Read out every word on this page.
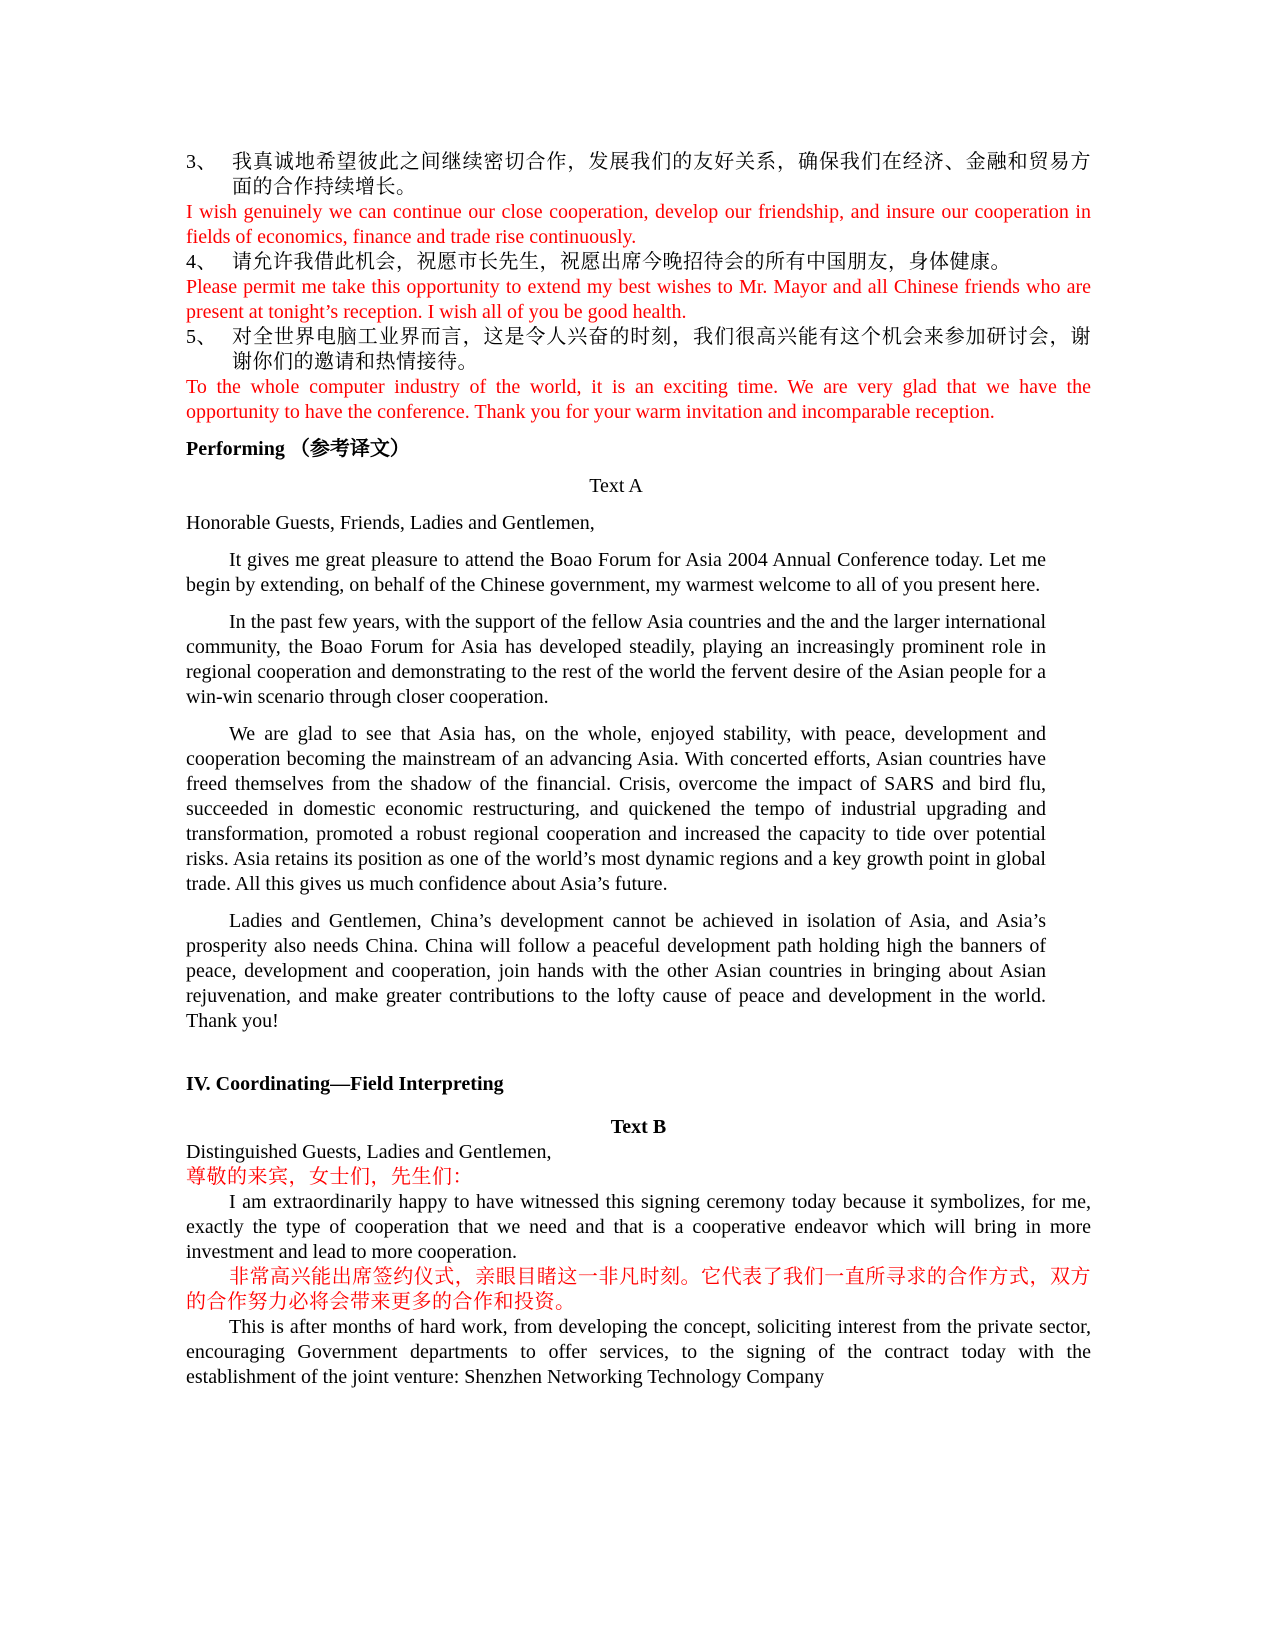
3、 我真诚地希望彼此之间继续密切合作，发展我们的友好关系，确保我们在经济、金融和贸易方面的合作持续增长。
I wish genuinely we can continue our close cooperation, develop our friendship, and insure our cooperation in fields of economics, finance and trade rise continuously.
4、 请允许我借此机会，祝愿市长先生，祝愿出席今晚招待会的所有中国朋友，身体健康。
Please permit me take this opportunity to extend my best wishes to Mr. Mayor and all Chinese friends who are present at tonight’s reception. I wish all of you be good health.
5、 对全世界电脑工业界而言，这是令人兴奋的时刻，我们很高兴能有这个机会来参加研讨会，谢谢你们的邀请和热情接待。
To the whole computer industry of the world, it is an exciting time. We are very glad that we have the opportunity to have the conference. Thank you for your warm invitation and incomparable reception.
Performing （参考译文）
Text A

Honorable Guests, Friends, Ladies and Gentlemen,

It gives me great pleasure to attend the Boao Forum for Asia 2004 Annual Conference today. Let me begin by extending, on behalf of the Chinese government, my warmest welcome to all of you present here.

In the past few years, with the support of the fellow Asia countries and the and the larger international community, the Boao Forum for Asia has developed steadily, playing an increasingly prominent role in regional cooperation and demonstrating to the rest of the world the fervent desire of the Asian people for a win-win scenario through closer cooperation.

We are glad to see that Asia has, on the whole, enjoyed stability, with peace, development and cooperation becoming the mainstream of an advancing Asia. With concerted efforts, Asian countries have freed themselves from the shadow of the financial. Crisis, overcome the impact of SARS and bird flu, succeeded in domestic economic restructuring, and quickened the tempo of industrial upgrading and transformation, promoted a robust regional cooperation and increased the capacity to tide over potential risks. Asia retains its position as one of the world’s most dynamic regions and a key growth point in global trade. All this gives us much confidence about Asia’s future.

Ladies and Gentlemen, China’s development cannot be achieved in isolation of Asia, and Asia’s prosperity also needs China. China will follow a peaceful development path holding high the banners of peace, development and cooperation, join hands with the other Asian countries in bringing about Asian rejuvenation, and make greater contributions to the lofty cause of peace and development in the world. Thank you!

IV. Coordinating—Field Interpreting
Text B
Distinguished Guests, Ladies and Gentlemen,
尊敬的来宾，女士们，先生们：
I am extraordinarily happy to have witnessed this signing ceremony today because it symbolizes, for me, exactly the type of cooperation that we need and that is a cooperative endeavor which will bring in more investment and lead to more cooperation.
非常高兴能出席签约仪式，亲眼目睹这一非凡时刻。它代表了我们一直所寻求的合作方式，双方的合作努力必将会带来更多的合作和投资。
This is after months of hard work, from developing the concept, soliciting interest from the private sector, encouraging Government departments to offer services, to the signing of the contract today with the establishment of the joint venture: Shenzhen Networking Technology Company
